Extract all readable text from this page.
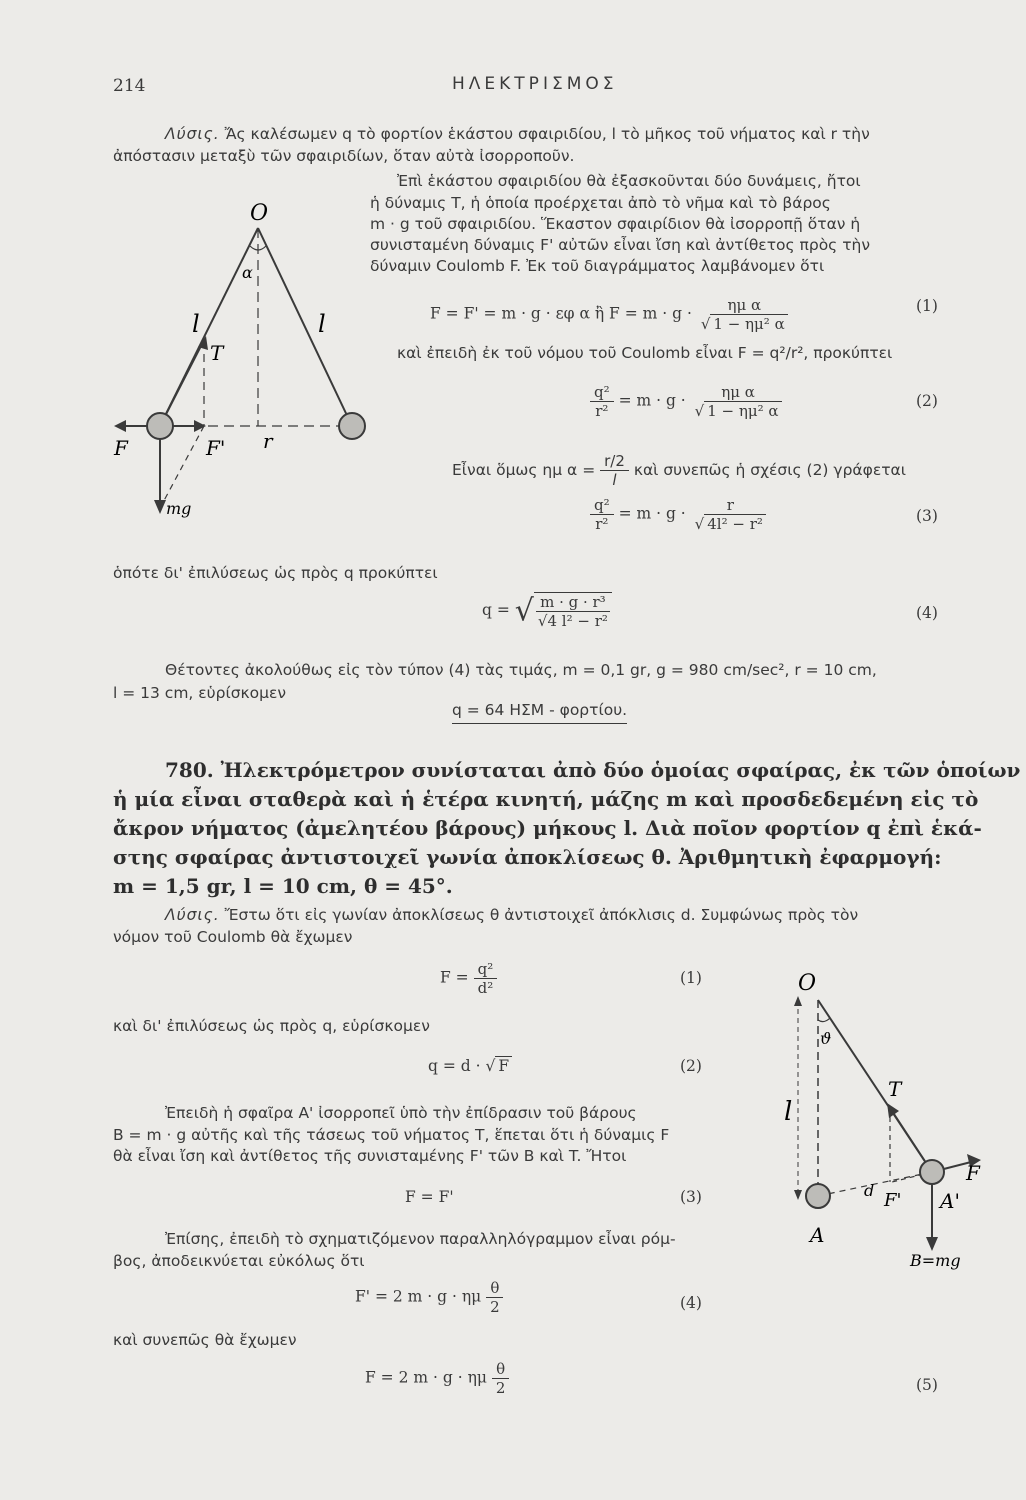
214	ΗΛΕΚΤΡΙΣΜΟΣ
Λύσις. Ἄς καλέσωμεν q τὸ φορτίον ἑκάστου σφαιριδίου, l τὸ μῆκος τοῦ νήματος καὶ r τὴν
ἀπόστασιν μεταξὺ τῶν σφαιριδίων, ὅταν αὐτὰ ἰσορροποῦν.
Ἐπὶ ἑκάστου σφαιριδίου θὰ ἐξασκοῦνται δύο δυνάμεις, ἤτοι
ἡ δύναμις T, ἡ ὁποία προέρχεται ἀπὸ τὸ νῆμα καὶ τὸ βάρος
m · g τοῦ σφαιριδίου. Ἕκαστον σφαιρίδιον θὰ ἰσορροπῇ ὅταν ἡ
συνισταμένη δύναμις F' αὐτῶν εἶναι ἴση καὶ ἀντίθετος πρὸς τὴν
δύναμιν Coulomb F. Ἐκ τοῦ διαγράμματος λαμβάνομεν ὅτι
F = F' = m · g · εφ α ἢ $F = m \cdot g \cdot \frac{\text{ημ α}}{\text{√ 1 − ημ² α}}$	(1)
καὶ ἐπειδὴ ἐκ τοῦ νόμου τοῦ Coulomb εἶναι F = q²/r², προκύπτει
$\frac{\text{q²}}{\text{r²}} = m \cdot g \cdot \frac{\text{ημ α}}{\text{√ 1 − ημ² α}}$	(2)
Εἶναι ὅμως ημ $\alpha = \frac{r/2}{l}$ καὶ συνεπῶς ἡ σχέσις (2) γράφεται
$\frac{\text{q²}}{\text{r²}} = m \cdot g \cdot \frac{r}{\text{√ 4l² − r²}}$	(3)
ὁπότε δι' ἐπιλύσεως ὡς πρὸς q προκύπτει
q = √ $\frac{\text{m · g · r³}}{\text{√4 l² − r²}}$	(4)
Θέτοντες ἀκολούθως εἰς τὸν τύπον (4) τὰς τιμάς, m = 0,1 gr, g = 980 cm/sec², r = 10 cm,
l = 13 cm, εὑρίσκομεν
q = 64 ΗΣΜ - φορτίου.
O
α
l	l
T
F	F' r
mg
780. Ἠλεκτρόμετρον συνίσταται ἀπὸ δύο ὁμοίας σφαίρας, ἐκ τῶν ὁποίων
ἡ μία εἶναι σταθερὰ καὶ ἡ ἑτέρα κινητή, μάζης m καὶ προσδεδεμένη εἰς τὸ
ἄκρον νήματος (ἀμελητέου βάρους) μήκους l. Διὰ ποῖον φορτίον q ἐπὶ ἑκά-
στης σφαίρας ἀντιστοιχεῖ γωνία ἀποκλίσεως θ. Ἀριθμητικὴ ἐφαρμογή:
m = 1,5 gr, l = 10 cm, θ = 45°.
Λύσις. Ἔστω ὅτι εἰς γωνίαν ἀποκλίσεως θ ἀντιστοιχεῖ ἀπόκλισις d. Συμφώνως πρὸς τὸν
νόμον τοῦ Coulomb θὰ ἔχωμεν
$F = \frac{\text{q²}}{\text{d²}}$	(1)
καὶ δι' ἐπιλύσεως ὡς πρὸς q, εὑρίσκομεν
q = d · √ F	(2)
Ἐπειδὴ ἡ σφαῖρα A' ἰσορροπεῖ ὑπὸ τὴν ἐπίδρασιν τοῦ βάρους
B = m · g αὐτῆς καὶ τῆς τάσεως τοῦ νήματος T, ἕπεται ὅτι ἡ δύναμις F
θὰ εἶναι ἴση καὶ ἀντίθετος τῆς συνισταμένης F' τῶν B καὶ T. Ἤτοι
F = F'	(3)
Ἐπίσης, ἐπειδὴ τὸ σχηματιζόμενον παραλληλόγραμμον εἶναι ρόμ-
βος, ἀποδεικνύεται εὐκόλως ὅτι
F' = 2 m · g · ημ $\frac{\theta}{2}$	(4)
καὶ συνεπῶς θὰ ἔχωμεν
F = 2 m · g · ημ $\frac{\theta}{2}$	(5)
O
ϑ
l
T
F
F'
d
A
A'
B=mg
